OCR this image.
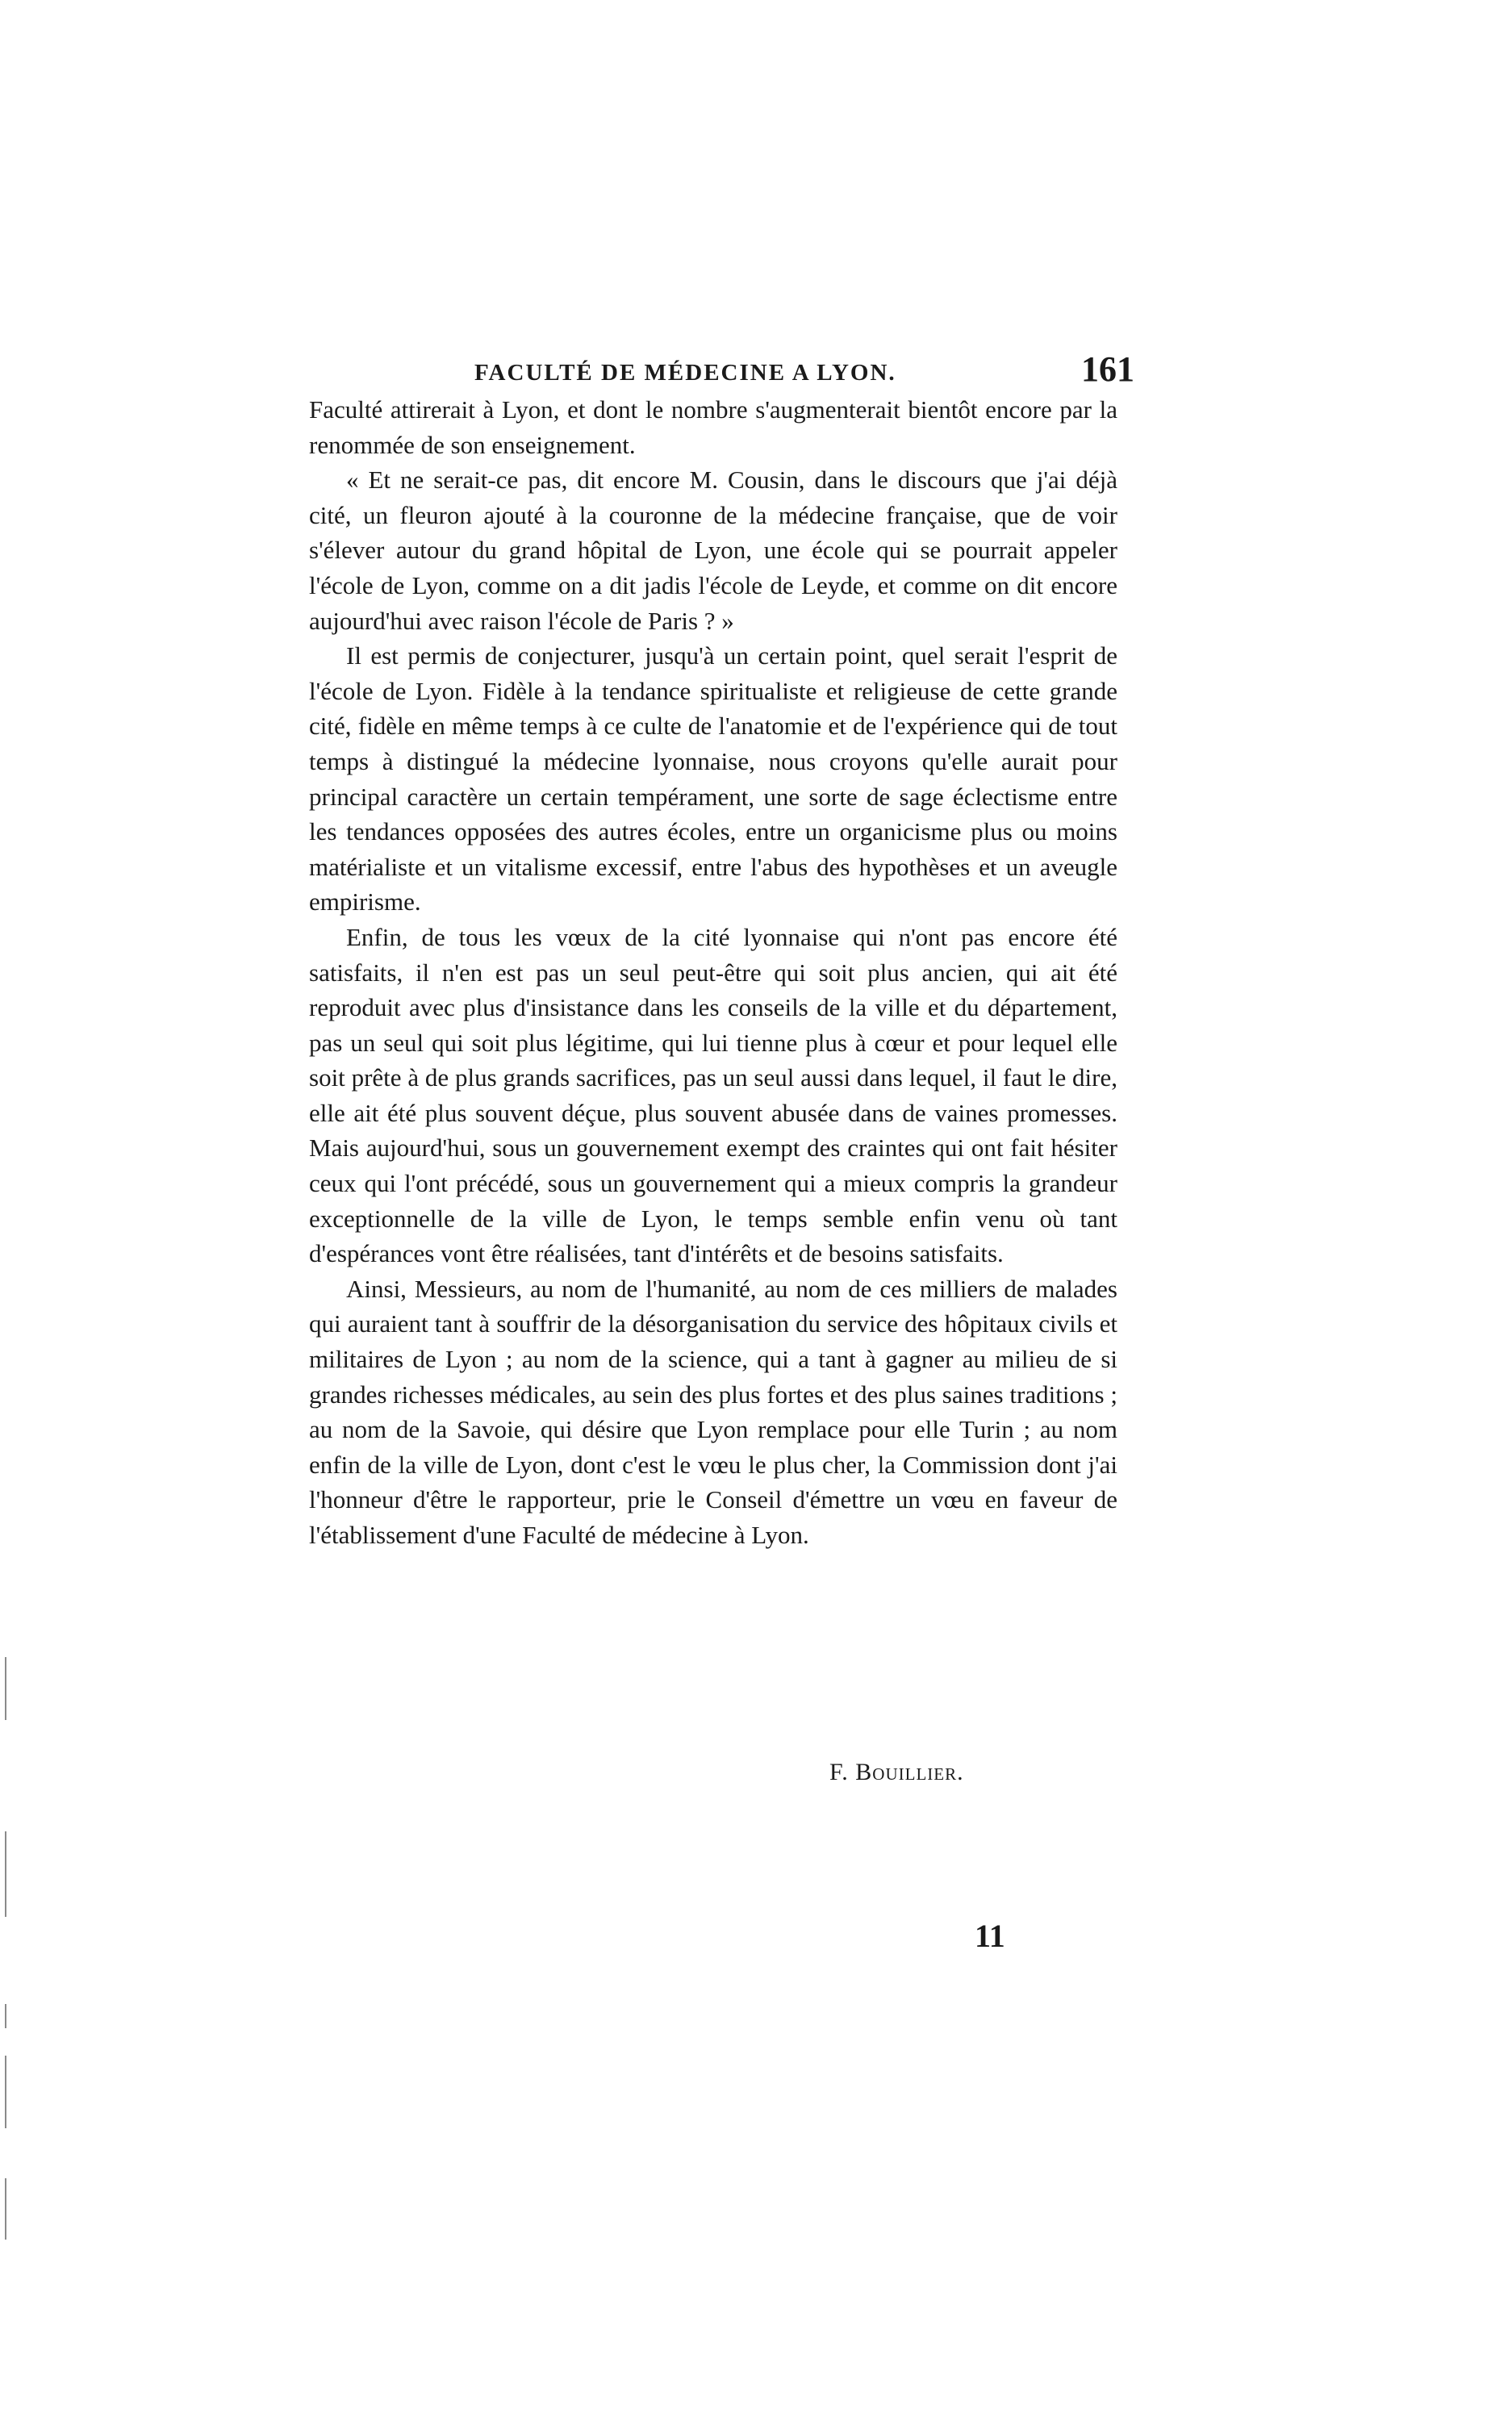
FACULTÉ DE MÉDECINE A LYON.	161

Faculté attirerait à Lyon, et dont le nombre s'augmenterait bientôt encore par la renommée de son enseignement.

« Et ne serait-ce pas, dit encore M. Cousin, dans le discours que j'ai déjà cité, un fleuron ajouté à la couronne de la médecine française, que de voir s'élever autour du grand hôpital de Lyon, une école qui se pourrait appeler l'école de Lyon, comme on a dit jadis l'école de Leyde, et comme on dit encore aujourd'hui avec raison l'école de Paris ? »

Il est permis de conjecturer, jusqu'à un certain point, quel serait l'esprit de l'école de Lyon. Fidèle à la tendance spiritualiste et religieuse de cette grande cité, fidèle en même temps à ce culte de l'anatomie et de l'expérience qui de tout temps à distingué la médecine lyonnaise, nous croyons qu'elle aurait pour principal caractère un certain tempérament, une sorte de sage éclectisme entre les tendances opposées des autres écoles, entre un organicisme plus ou moins matérialiste et un vitalisme excessif, entre l'abus des hypothèses et un aveugle empirisme.

Enfin, de tous les vœux de la cité lyonnaise qui n'ont pas encore été satisfaits, il n'en est pas un seul peut-être qui soit plus ancien, qui ait été reproduit avec plus d'insistance dans les conseils de la ville et du département, pas un seul qui soit plus légitime, qui lui tienne plus à cœur et pour lequel elle soit prête à de plus grands sacrifices, pas un seul aussi dans lequel, il faut le dire, elle ait été plus souvent déçue, plus souvent abusée dans de vaines promesses. Mais aujourd'hui, sous un gouvernement exempt des craintes qui ont fait hésiter ceux qui l'ont précédé, sous un gouvernement qui a mieux compris la grandeur exceptionnelle de la ville de Lyon, le temps semble enfin venu où tant d'espérances vont être réalisées, tant d'intérêts et de besoins satisfaits.

Ainsi, Messieurs, au nom de l'humanité, au nom de ces milliers de malades qui auraient tant à souffrir de la désorganisation du service des hôpitaux civils et militaires de Lyon ; au nom de la science, qui a tant à gagner au milieu de si grandes richesses médicales, au sein des plus fortes et des plus saines traditions ; au nom de la Savoie, qui désire que Lyon remplace pour elle Turin ; au nom enfin de la ville de Lyon, dont c'est le vœu le plus cher, la Commission dont j'ai l'honneur d'être le rapporteur, prie le Conseil d'émettre un vœu en faveur de l'établissement d'une Faculté de médecine à Lyon.

F. Bouillier.
11
